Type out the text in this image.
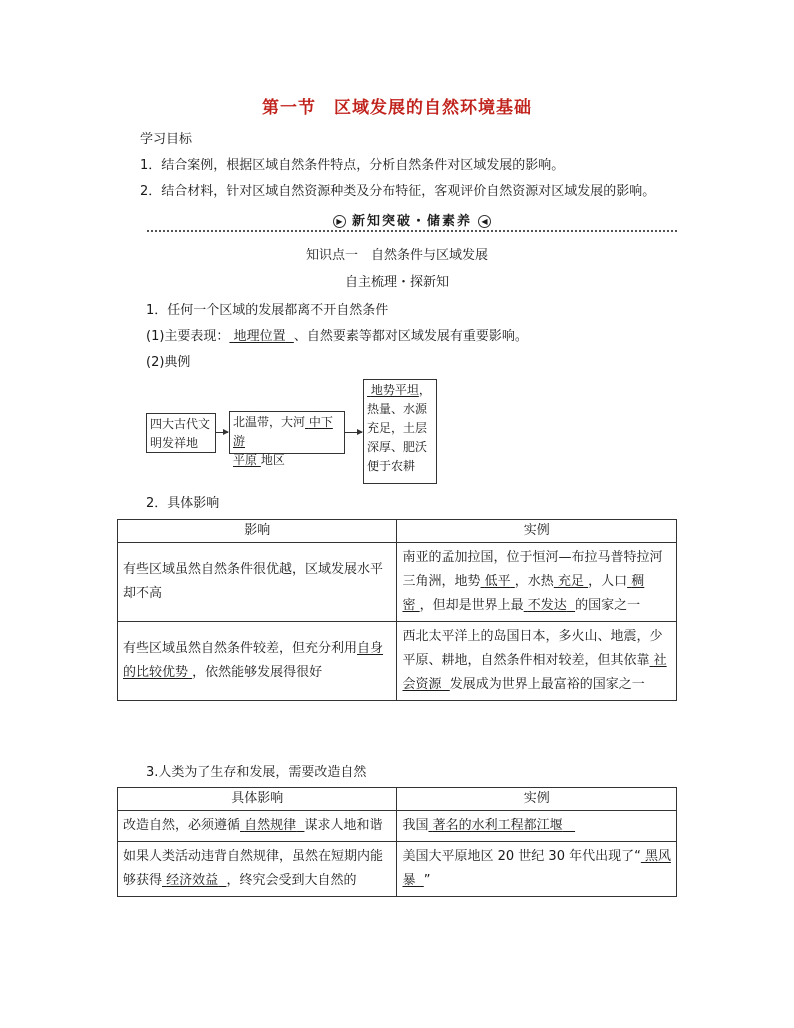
第一节　区域发展的自然环境基础
学习目标
1．结合案例，根据区域自然条件特点，分析自然条件对区域发展的影响。
2．结合材料，针对区域自然资源种类及分布特征，客观评价自然资源对区域发展的影响。
▶ 新知突破・储素养 ◀
知识点一　自然条件与区域发展
自主梳理・探新知
1．任何一个区域的发展都离不开自然条件
(1)主要表现： 地理位置 、自然要素等都对区域发展有重要影响。
(2)典例
四大古代文
明发祥地
北温带，大河 中下游
平原 地区
地势平坦，
热量、水源
充足，土层
深厚、肥沃
便于农耕
2．具体影响
影响	实例
有些区域虽然自然条件很优越，区域发展水平却不高	南亚的孟加拉国，位于恒河—布拉马普特拉河三角洲，地势 低平 ，水热 充足 ，人口 稠密 ，但却是世界上最 不发达 的国家之一
有些区域虽然自然条件较差，但充分利用自身的比较优势 ，依然能够发展得很好	西北太平洋上的岛国日本，多火山、地震，少平原、耕地，自然条件相对较差，但其依靠 社会资源 发展成为世界上最富裕的国家之一
3.人类为了生存和发展，需要改造自然
具体影响	实例
改造自然，必须遵循 自然规律 谋求人地和谐	我国 著名的水利工程都江堰
如果人类活动违背自然规律，虽然在短期内能够获得 经济效益 ，终究会受到大自然的	美国大平原地区 20 世纪 30 年代出现了“ 黑风暴 ”
